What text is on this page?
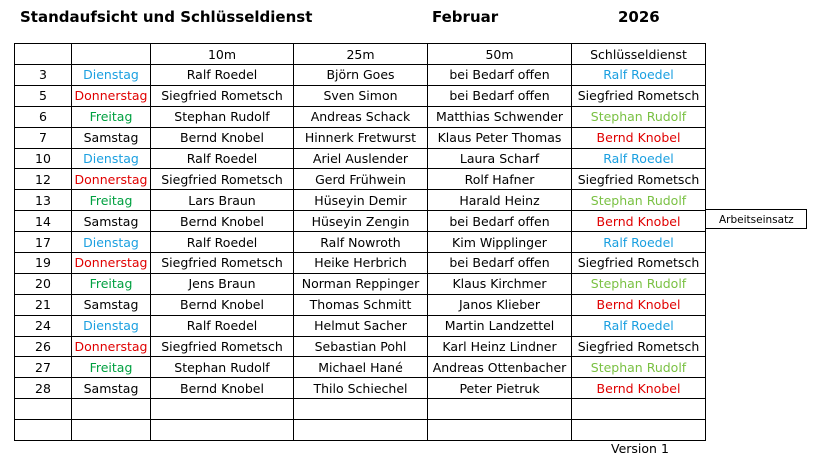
Standaufsicht und Schlüsseldienst	Februar	2026
		10m	25m	50m	Schlüsseldienst
3	Dienstag	Ralf Roedel	Björn Goes	bei Bedarf offen	Ralf Roedel
5	Donnerstag	Siegfried Rometsch	Sven Simon	bei Bedarf offen	Siegfried Rometsch
6	Freitag	Stephan Rudolf	Andreas Schack	Matthias Schwender	Stephan Rudolf
7	Samstag	Bernd Knobel	Hinnerk Fretwurst	Klaus Peter Thomas	Bernd Knobel
10	Dienstag	Ralf Roedel	Ariel Auslender	Laura Scharf	Ralf Roedel
12	Donnerstag	Siegfried Rometsch	Gerd Frühwein	Rolf Hafner	Siegfried Rometsch
13	Freitag	Lars Braun	Hüseyin Demir	Harald Heinz	Stephan Rudolf
14	Samstag	Bernd Knobel	Hüseyin Zengin	bei Bedarf offen	Bernd Knobel
17	Dienstag	Ralf Roedel	Ralf Nowroth	Kim Wipplinger	Ralf Roedel
19	Donnerstag	Siegfried Rometsch	Heike Herbrich	bei Bedarf offen	Siegfried Rometsch
20	Freitag	Jens Braun	Norman Reppinger	Klaus Kirchmer	Stephan Rudolf
21	Samstag	Bernd Knobel	Thomas Schmitt	Janos Klieber	Bernd Knobel
24	Dienstag	Ralf Roedel	Helmut Sacher	Martin Landzettel	Ralf Roedel
26	Donnerstag	Siegfried Rometsch	Sebastian Pohl	Karl Heinz Lindner	Siegfried Rometsch
27	Freitag	Stephan Rudolf	Michael Hané	Andreas Ottenbacher	Stephan Rudolf
28	Samstag	Bernd Knobel	Thilo Schiechel	Peter Pietruk	Bernd Knobel

Arbeitseinsatz
Version 1
